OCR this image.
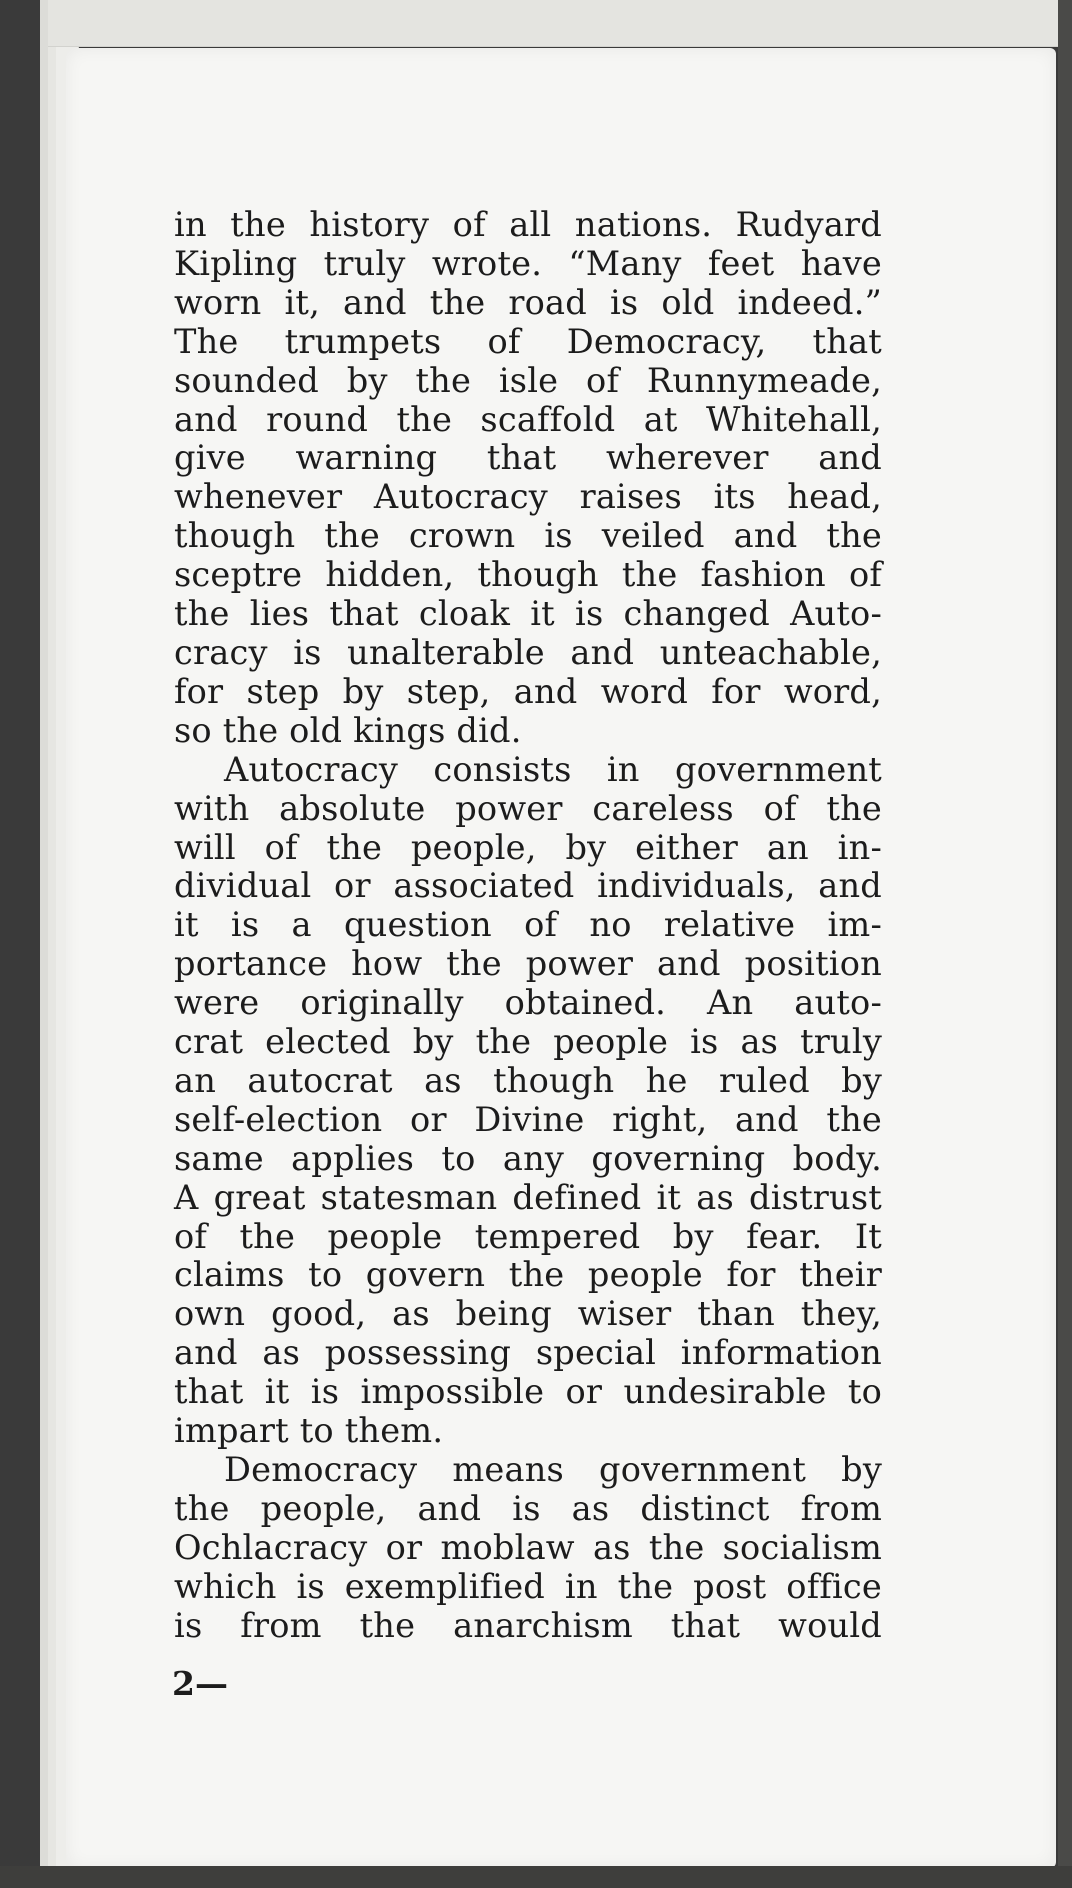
in the history of all nations. Rudyard
Kipling truly wrote. “Many feet have
worn it, and the road is old indeed.”
The trumpets of Democracy, that
sounded by the isle of Runnymeade,
and round the scaffold at Whitehall,
give warning that wherever and
whenever Autocracy raises its head,
though the crown is veiled and the
sceptre hidden, though the fashion of
the lies that cloak it is changed Auto-
cracy is unalterable and unteachable,
for step by step, and word for word,
so the old kings did.
Autocracy consists in government
with absolute power careless of the
will of the people, by either an in-
dividual or associated individuals, and
it is a question of no relative im-
portance how the power and position
were originally obtained. An auto-
crat elected by the people is as truly
an autocrat as though he ruled by
self-election or Divine right, and the
same applies to any governing body.
A great statesman defined it as distrust
of the people tempered by fear. It
claims to govern the people for their
own good, as being wiser than they,
and as possessing special information
that it is impossible or undesirable to
impart to them.
Democracy means government by
the people, and is as distinct from
Ochlacracy or moblaw as the socialism
which is exemplified in the post office
is from the anarchism that would
2—
